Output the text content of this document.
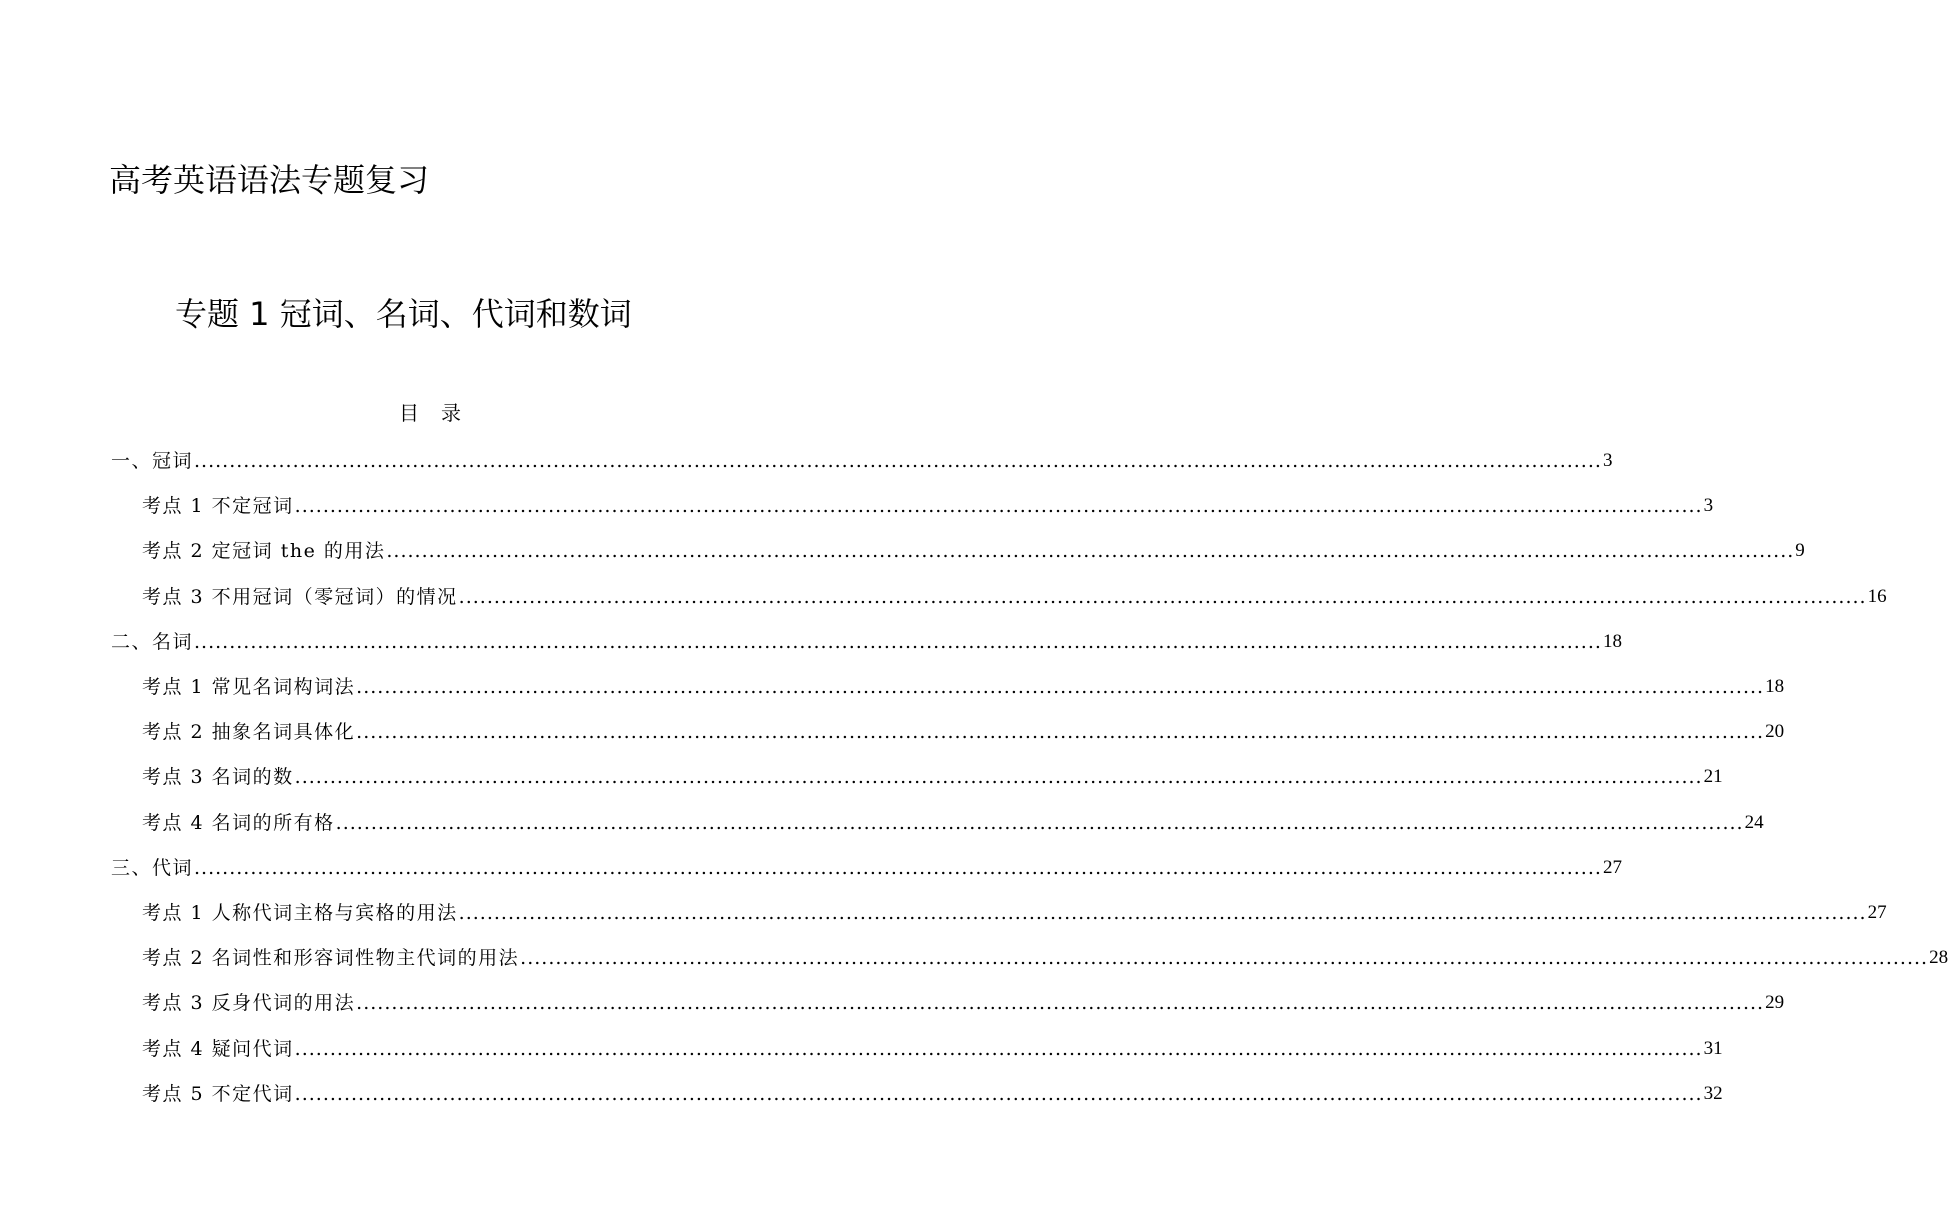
高考英语语法专题复习
专题 1 冠词、名词、代词和数词
目录
一、冠词 ........................................................................................................................................................................................................ 3
考点 1 不定冠词 ........................................................................................................................................................................................................ 3
考点 2 定冠词 the 的用法 ........................................................................................................................................................................................................ 9
考点 3 不用冠词（零冠词）的情况 ........................................................................................................................................................................................................ 16
二、名词 ........................................................................................................................................................................................................ 18
考点 1 常见名词构词法 ........................................................................................................................................................................................................ 18
考点 2 抽象名词具体化 ........................................................................................................................................................................................................ 20
考点 3 名词的数 ........................................................................................................................................................................................................ 21
考点 4 名词的所有格 ........................................................................................................................................................................................................ 24
三、代词 ........................................................................................................................................................................................................ 27
考点 1 人称代词主格与宾格的用法 ........................................................................................................................................................................................................ 27
考点 2 名词性和形容词性物主代词的用法 ........................................................................................................................................................................................................ 28
考点 3 反身代词的用法 ........................................................................................................................................................................................................ 29
考点 4 疑问代词 ........................................................................................................................................................................................................ 31
考点 5 不定代词 ........................................................................................................................................................................................................ 32
